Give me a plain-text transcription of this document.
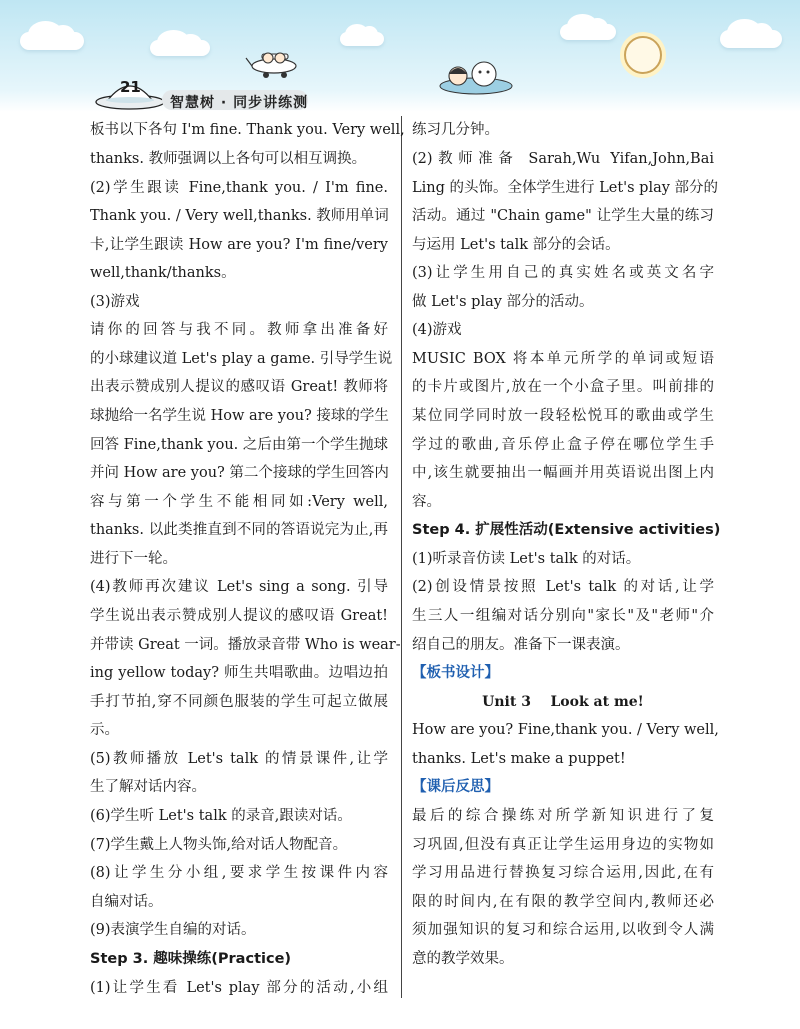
21
智慧树 · 同步讲练测

板书以下各句 I'm fine. Thank you. Very well,

thanks. 教师强调以上各句可以相互调换。

(2)学生跟读 Fine,thank you. / I'm fine.

Thank you. / Very well,thanks. 教师用单词

卡,让学生跟读 How are you? I'm fine/very

well,thank/thanks。

(3)游戏

请你的回答与我不同。教师拿出准备好

的小球建议道 Let's play a game. 引导学生说

出表示赞成别人提议的感叹语 Great! 教师将

球抛给一名学生说 How are you? 接球的学生

回答 Fine,thank you. 之后由第一个学生抛球

并问 How are you? 第二个接球的学生回答内

容与第一个学生不能相同如:Very well,

thanks. 以此类推直到不同的答语说完为止,再

进行下一轮。

(4)教师再次建议 Let's sing a song. 引导

学生说出表示赞成别人提议的感叹语 Great!

并带读 Great 一词。播放录音带 Who is wear-

ing yellow today? 师生共唱歌曲。边唱边拍

手打节拍,穿不同颜色服装的学生可起立做展

示。

(5)教师播放 Let's talk 的情景课件,让学

生了解对话内容。

(6)学生听 Let's talk 的录音,跟读对话。

(7)学生戴上人物头饰,给对话人物配音。

(8)让学生分小组,要求学生按课件内容

自编对话。

(9)表演学生自编的对话。

Step 3. 趣味操练(Practice)

(1)让学生看 Let's play 部分的活动,小组

练习几分钟。

(2)教师准备 Sarah,Wu Yifan,John,Bai

Ling 的头饰。全体学生进行 Let's play 部分的

活动。通过 "Chain game" 让学生大量的练习

与运用 Let's talk 部分的会话。

(3)让学生用自己的真实姓名或英文名字

做 Let's play 部分的活动。

(4)游戏

MUSIC BOX 将本单元所学的单词或短语

的卡片或图片,放在一个小盒子里。叫前排的

某位同学同时放一段轻松悦耳的歌曲或学生

学过的歌曲,音乐停止盒子停在哪位学生手

中,该生就要抽出一幅画并用英语说出图上内

容。

Step 4. 扩展性活动(Extensive activities)

(1)听录音仿读 Let's talk 的对话。

(2)创设情景按照 Let's talk 的对话,让学

生三人一组编对话分别向"家长"及"老师"介

绍自己的朋友。准备下一课表演。

【板书设计】

Unit 3    Look at me!

How are you? Fine,thank you. / Very well,

thanks. Let's make a puppet!

【课后反思】

最后的综合操练对所学新知识进行了复

习巩固,但没有真正让学生运用身边的实物如

学习用品进行替换复习综合运用,因此,在有

限的时间内,在有限的教学空间内,教师还必

须加强知识的复习和综合运用,以收到令人满

意的教学效果。
